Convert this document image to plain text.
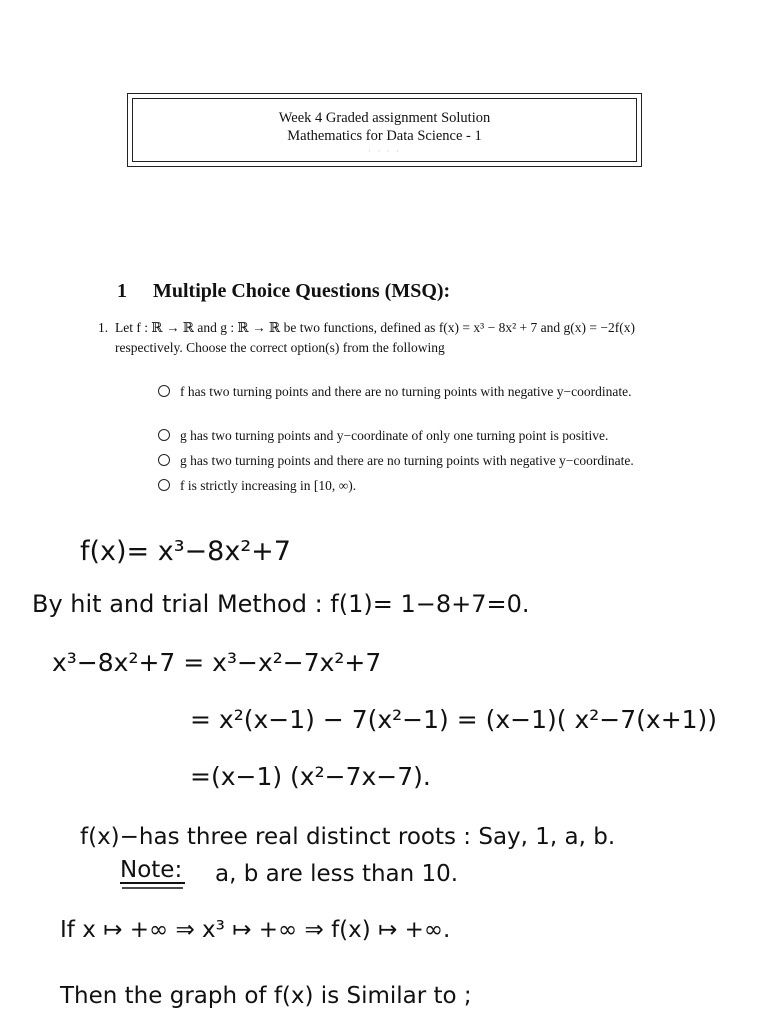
Week 4 Graded assignment Solution
Mathematics for Data Science - 1
· · · ·
1 Multiple Choice Questions (MSQ):
1. Let f : ℝ → ℝ and g : ℝ → ℝ be two functions, defined as f(x) = x³ − 8x² + 7 and g(x) = −2f(x) respectively. Choose the correct option(s) from the following
f has two turning points and there are no turning points with negative y−coordinate.
g has two turning points and y−coordinate of only one turning point is positive.
g has two turning points and there are no turning points with negative y−coordinate.
f is strictly increasing in [10, ∞).
f(x)= x³−8x²+7
By hit and trial Method : f(1)= 1−8+7=0.
x³−8x²+7 = x³−x²−7x²+7
= x²(x−1) − 7(x²−1) = (x−1)( x²−7(x+1))
=(x−1) (x²−7x−7).
f(x)−has three real distinct roots : Say, 1, a, b.
Note: a, b are less than 10.
If x ↦ +∞ ⇒ x³ ↦ +∞ ⇒ f(x) ↦ +∞.
Then the graph of f(x) is Similar to ;
